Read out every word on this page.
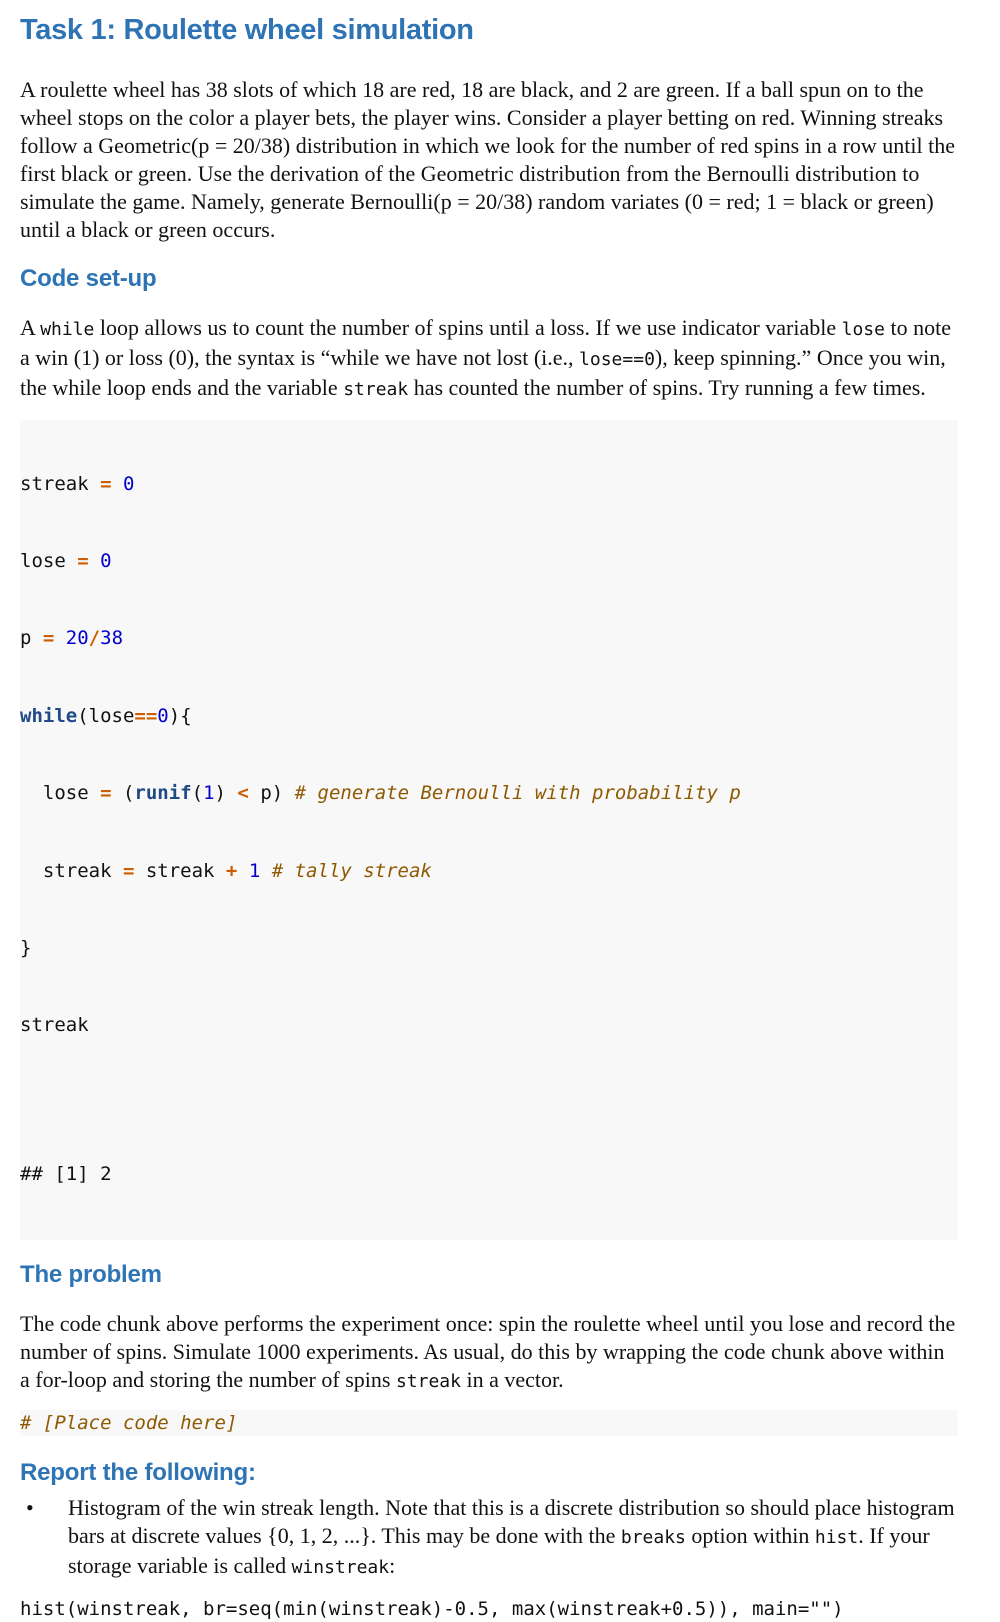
Task 1: Roulette wheel simulation

A roulette wheel has 38 slots of which 18 are red, 18 are black, and 2 are green. If a ball spun on to the wheel stops on the color a player bets, the player wins. Consider a player betting on red. Winning streaks follow a Geometric(p = 20/38) distribution in which we look for the number of red spins in a row until the first black or green. Use the derivation of the Geometric distribution from the Bernoulli distribution to simulate the game. Namely, generate Bernoulli(p = 20/38) random variates (0 = red; 1 = black or green) until a black or green occurs.

Code set-up

A while loop allows us to count the number of spins until a loss. If we use indicator variable lose to note a win (1) or loss (0), the syntax is “while we have not lost (i.e., lose==0), keep spinning.” Once you win, the while loop ends and the variable streak has counted the number of spins. Try running a few times.

streak = 0

lose = 0

p = 20/38

while(lose==0){

lose = (runif(1) < p) # generate Bernoulli with probability p

streak = streak + 1 # tally streak

}

streak

## [1] 2

The problem

The code chunk above performs the experiment once: spin the roulette wheel until you lose and record the number of spins. Simulate 1000 experiments. As usual, do this by wrapping the code chunk above within a for-loop and storing the number of spins streak in a vector.

# [Place code here]
Report the following:
• Histogram of the win streak length. Note that this is a discrete distribution so should place histogram bars at discrete values {0, 1, 2, ...}. This may be done with the breaks option within hist. If your storage variable is called winstreak:
hist(winstreak, br=seq(min(winstreak)-0.5, max(winstreak+0.5)), main="")
